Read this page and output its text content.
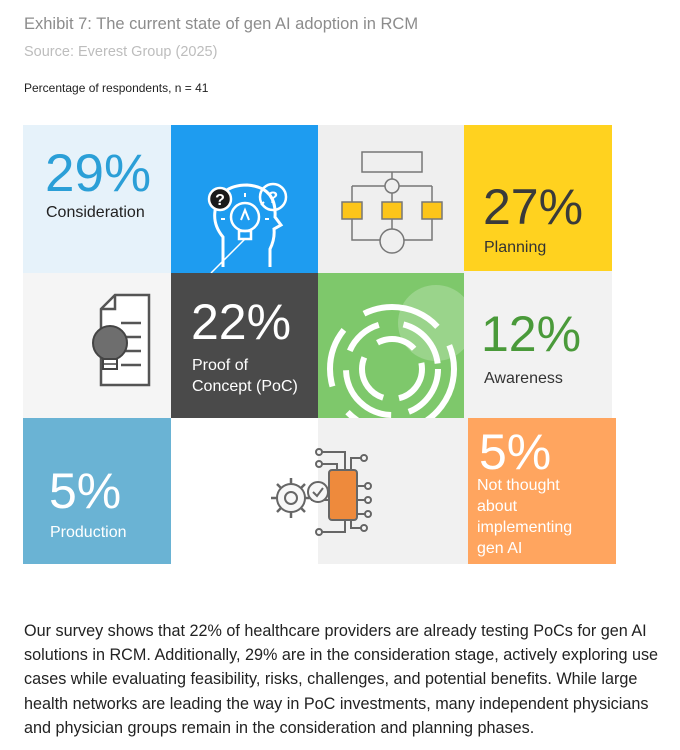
Exhibit 7: The current state of gen AI adoption in RCM
Source: Everest Group (2025)
Percentage of respondents, n = 41
29%
Consideration
?	?	27%
Planning
22%
Proof of
Concept (PoC)
12%
Awareness
5%
Production
5%
Not thought
about
implementing
gen AI

Our survey shows that 22% of healthcare providers are already testing PoCs for gen AI solutions in RCM. Additionally, 29% are in the consideration stage, actively exploring use cases while evaluating feasibility, risks, challenges, and potential benefits. While large health networks are leading the way in PoC investments, many independent physicians and physician groups remain in the consideration and planning phases.
